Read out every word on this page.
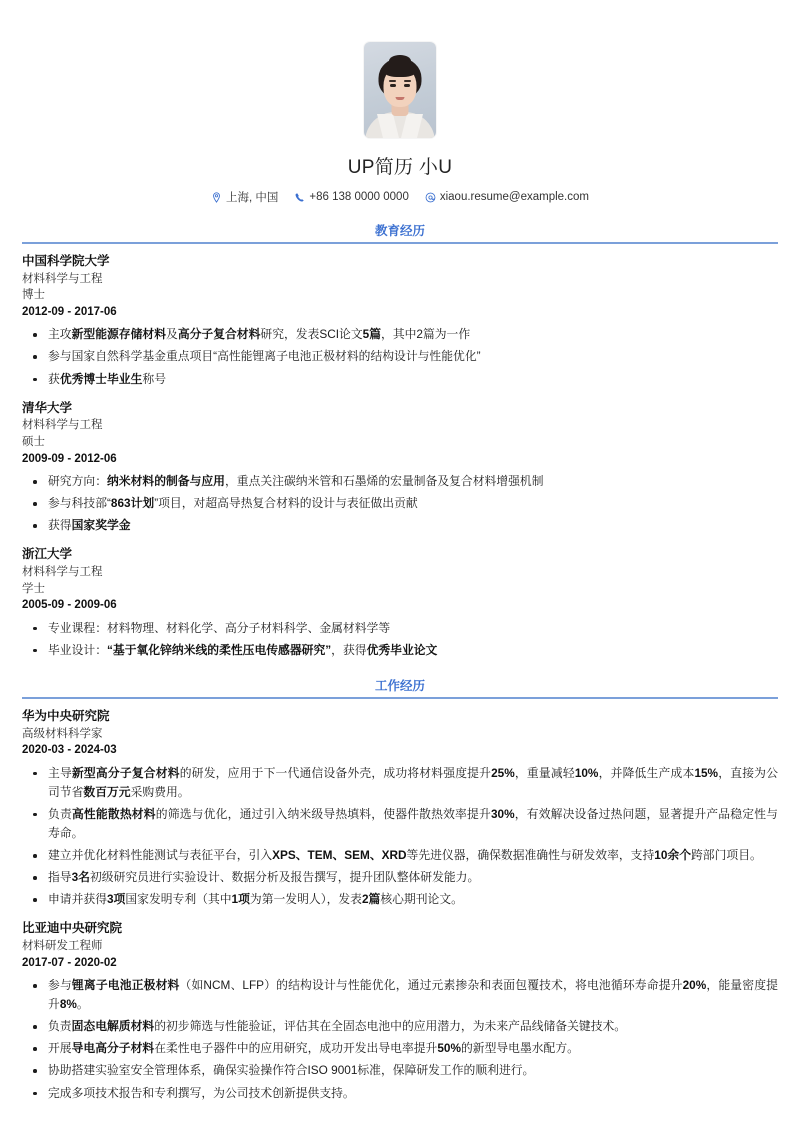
UP简历 小U
上海, 中国	+86 138 0000 0000	xiaou.resume@example.com
教育经历
中国科学院大学
材料科学与工程
博士
2012-09 - 2017-06
主攻新型能源存储材料及高分子复合材料研究，发表SCI论文5篇，其中2篇为一作
参与国家自然科学基金重点项目“高性能锂离子电池正极材料的结构设计与性能优化”
获优秀博士毕业生称号
清华大学
材料科学与工程
硕士
2009-09 - 2012-06
研究方向：纳米材料的制备与应用，重点关注碳纳米管和石墨烯的宏量制备及复合材料增强机制
参与科技部“863计划”项目，对超高导热复合材料的设计与表征做出贡献
获得国家奖学金
浙江大学
材料科学与工程
学士
2005-09 - 2009-06
专业课程：材料物理、材料化学、高分子材料科学、金属材料学等
毕业设计：“基于氧化锌纳米线的柔性压电传感器研究”，获得优秀毕业论文
工作经历
华为中央研究院
高级材料科学家
2020-03 - 2024-03
主导新型高分子复合材料的研发，应用于下一代通信设备外壳，成功将材料强度提升25%，重量减轻10%，并降低生产成本15%，直接为公司节省数百万元采购费用。
负责高性能散热材料的筛选与优化，通过引入纳米级导热填料，使器件散热效率提升30%，有效解决设备过热问题，显著提升产品稳定性与寿命。
建立并优化材料性能测试与表征平台，引入XPS、TEM、SEM、XRD等先进仪器，确保数据准确性与研发效率，支持10余个跨部门项目。
指导3名初级研究员进行实验设计、数据分析及报告撰写，提升团队整体研发能力。
申请并获得3项国家发明专利（其中1项为第一发明人），发表2篇核心期刊论文。
比亚迪中央研究院
材料研发工程师
2017-07 - 2020-02
参与锂离子电池正极材料（如NCM、LFP）的结构设计与性能优化，通过元素掺杂和表面包覆技术，将电池循环寿命提升20%，能量密度提升8%。
负责固态电解质材料的初步筛选与性能验证，评估其在全固态电池中的应用潜力，为未来产品线储备关键技术。
开展导电高分子材料在柔性电子器件中的应用研究，成功开发出导电率提升50%的新型导电墨水配方。
协助搭建实验室安全管理体系，确保实验操作符合ISO 9001标准，保障研发工作的顺利进行。
完成多项技术报告和专利撰写，为公司技术创新提供支持。
